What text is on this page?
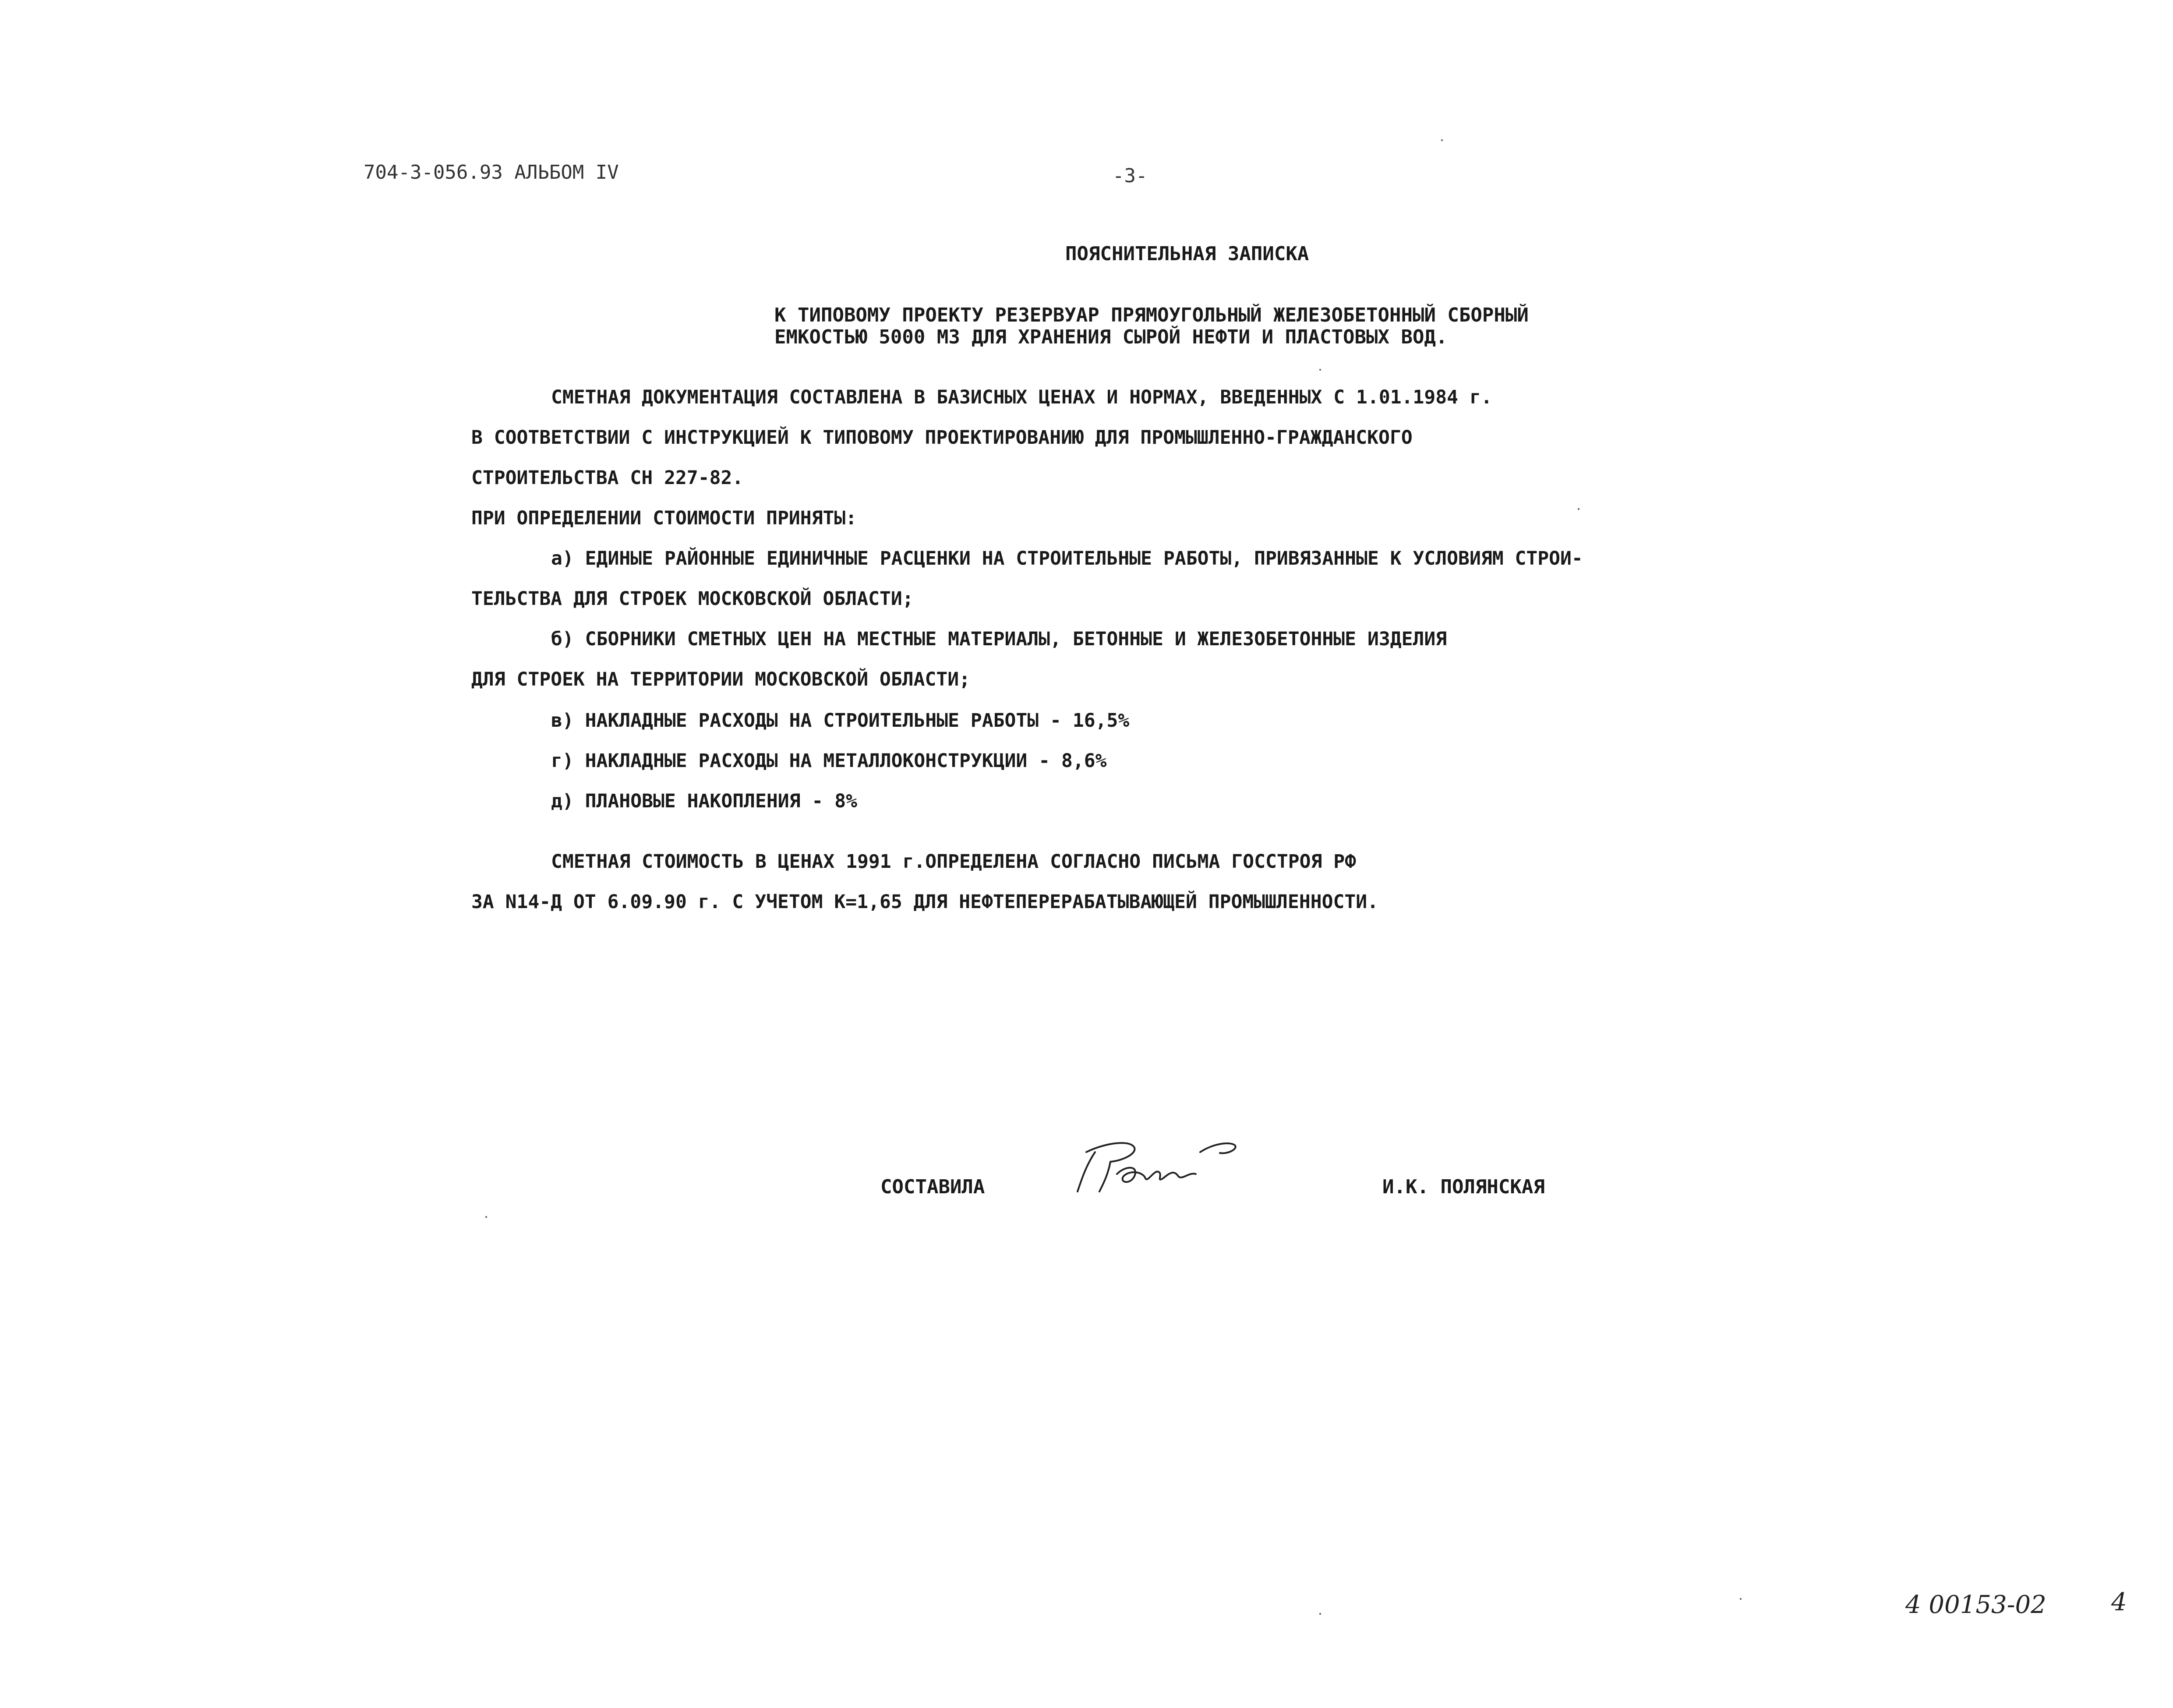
704-3-056.93 АЛЬБОМ IV	-3-
ПОЯСНИТЕЛЬНАЯ ЗАПИСКА
К ТИПОВОМУ ПРОЕКТУ РЕЗЕРВУАР ПРЯМОУГОЛЬНЫЙ ЖЕЛЕЗОБЕТОННЫЙ СБОРНЫЙ
ЕМКОСТЬЮ 5000 М3 ДЛЯ ХРАНЕНИЯ СЫРОЙ НЕФТИ И ПЛАСТОВЫХ ВОД.
СМЕТНАЯ ДОКУМЕНТАЦИЯ СОСТАВЛЕНА В БАЗИСНЫХ ЦЕНАХ И НОРМАХ, ВВЕДЕННЫХ С 1.01.1984 г.
В СООТВЕТСТВИИ С ИНСТРУКЦИЕЙ К ТИПОВОМУ ПРОЕКТИРОВАНИЮ ДЛЯ ПРОМЫШЛЕННО-ГРАЖДАНСКОГО
СТРОИТЕЛЬСТВА СН 227-82.
ПРИ ОПРЕДЕЛЕНИИ СТОИМОСТИ ПРИНЯТЫ:
а) ЕДИНЫЕ РАЙОННЫЕ ЕДИНИЧНЫЕ РАСЦЕНКИ НА СТРОИТЕЛЬНЫЕ РАБОТЫ, ПРИВЯЗАННЫЕ К УСЛОВИЯМ СТРОИ-
ТЕЛЬСТВА ДЛЯ СТРОЕК МОСКОВСКОЙ ОБЛАСТИ;
б) СБОРНИКИ СМЕТНЫХ ЦЕН НА МЕСТНЫЕ МАТЕРИАЛЫ, БЕТОННЫЕ И ЖЕЛЕЗОБЕТОННЫЕ ИЗДЕЛИЯ
ДЛЯ СТРОЕК НА ТЕРРИТОРИИ МОСКОВСКОЙ ОБЛАСТИ;
в) НАКЛАДНЫЕ РАСХОДЫ НА СТРОИТЕЛЬНЫЕ РАБОТЫ - 16,5%
г) НАКЛАДНЫЕ РАСХОДЫ НА МЕТАЛЛОКОНСТРУКЦИИ - 8,6%
д) ПЛАНОВЫЕ НАКОПЛЕНИЯ - 8%
СМЕТНАЯ СТОИМОСТЬ В ЦЕНАХ 1991 г.ОПРЕДЕЛЕНА СОГЛАСНО ПИСЬМА ГОССТРОЯ РФ
ЗА N14-Д ОТ 6.09.90 г. С УЧЕТОМ К=1,65 ДЛЯ НЕФТЕПЕРЕРАБАТЫВАЮЩЕЙ ПРОМЫШЛЕННОСТИ.
СОСТАВИЛА	И.К. ПОЛЯНСКАЯ
4 00153-02	4
